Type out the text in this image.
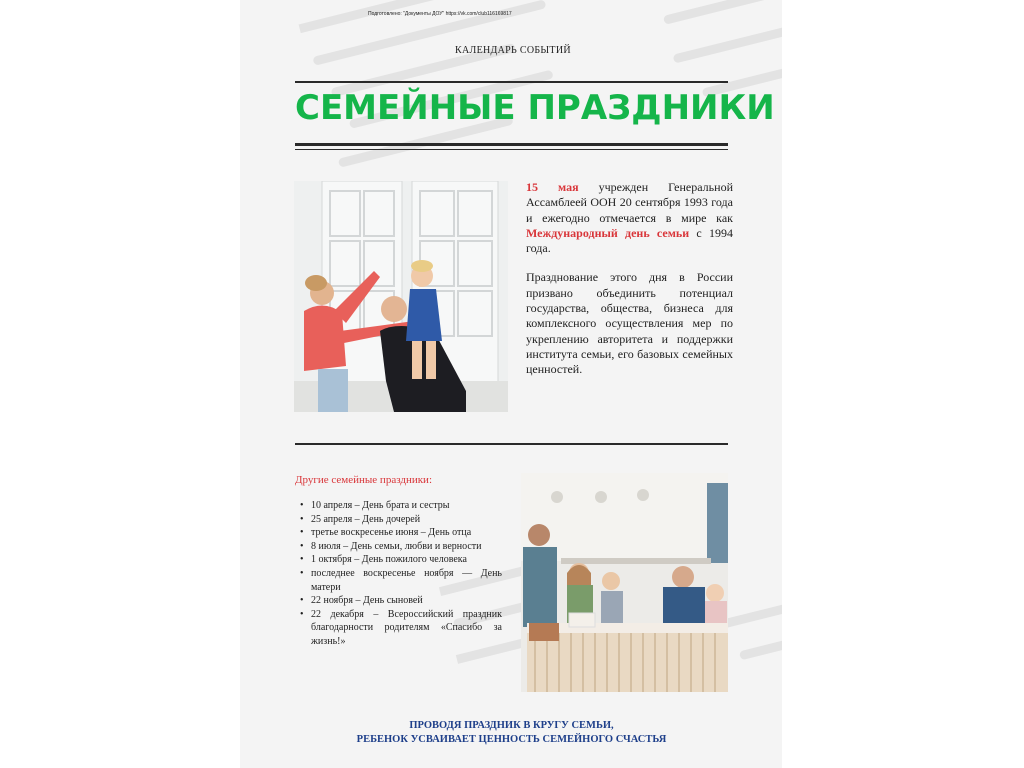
Подготовлено: "Документы ДОУ" https://vk.com/club116169817
КАЛЕНДАРЬ СОБЫТИЙ
СЕМЕЙНЫЕ ПРАЗДНИКИ

15 мая учрежден Генеральной Ассамблеей ООН 20 сентября 1993 года и ежегодно отмечается в мире как Международный день семьи с 1994 года.

Празднование этого дня в России призвано объединить потенциал государства, общества, бизнеса для комплексного осуществления мер по укреплению авторитета и поддержки института семьи, его базовых семейных ценностей.

Другие семейные праздники:
• 10 апреля – День брата и сестры
• 25 апреля – День дочерей
• третье воскресенье июня – День отца
• 8 июля – День семьи, любви и верности
• 1 октября – День пожилого человека
• последнее воскресенье ноября — День матери
• 22 ноября – День сыновей
• 22 декабря – Всероссийский праздник благодарности родителям «Спасибо за жизнь!»
ПРОВОДЯ ПРАЗДНИК В КРУГУ СЕМЬИ,
РЕБЕНОК УСВАИВАЕТ ЦЕННОСТЬ СЕМЕЙНОГО СЧАСТЬЯ
